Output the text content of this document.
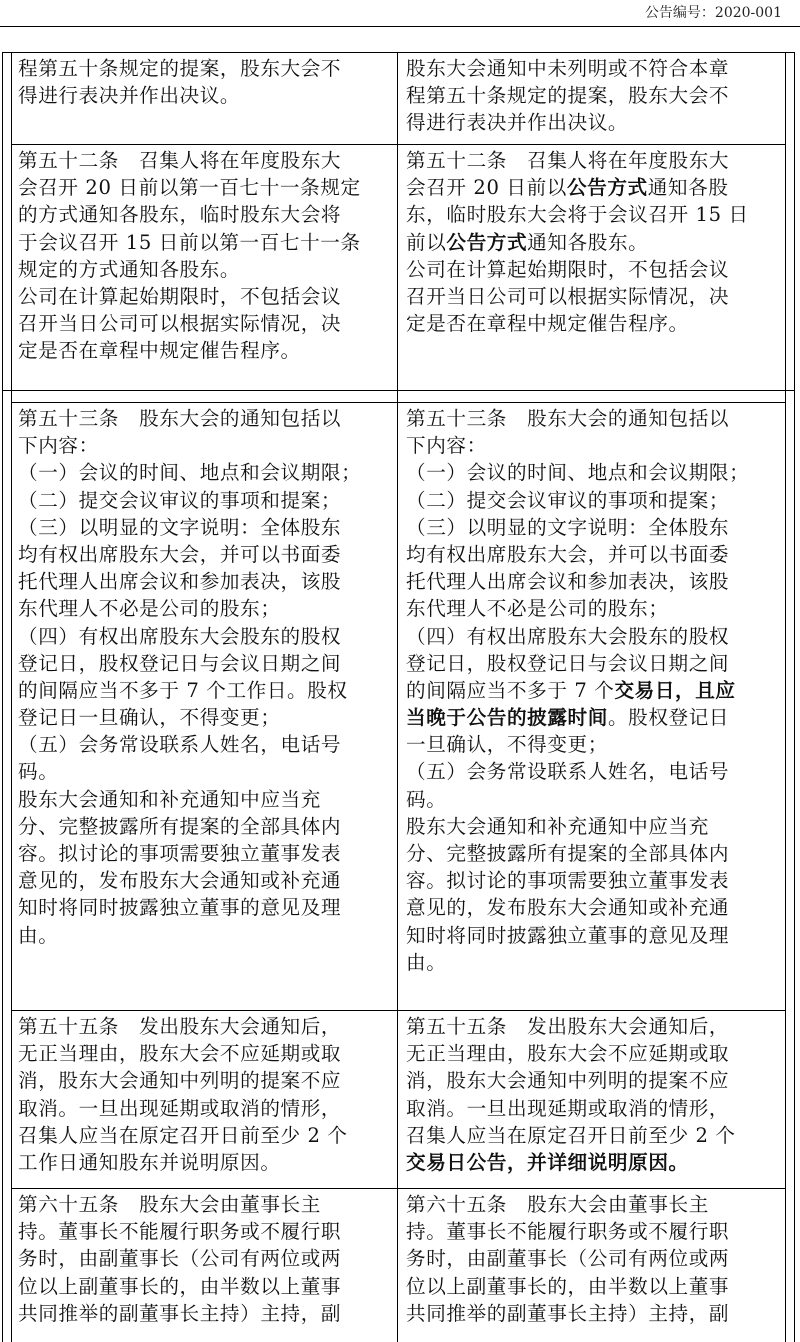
公告编号：2020-001
程第五十条规定的提案，股东大会不
得进行表决并作出决议。
股东大会通知中未列明或不符合本章
程第五十条规定的提案，股东大会不
得进行表决并作出决议。
第五十二条　召集人将在年度股东大
会召开 20 日前以第一百七十一条规定
的方式通知各股东，临时股东大会将
于会议召开 15 日前以第一百七十一条
规定的方式通知各股东。
公司在计算起始期限时，不包括会议
召开当日公司可以根据实际情况，决
定是否在章程中规定催告程序。
第五十二条　召集人将在年度股东大
会召开 20 日前以公告方式通知各股
东，临时股东大会将于会议召开 15 日
前以公告方式通知各股东。
公司在计算起始期限时，不包括会议
召开当日公司可以根据实际情况，决
定是否在章程中规定催告程序。
第五十三条　股东大会的通知包括以
下内容：
（一）会议的时间、地点和会议期限；
（二）提交会议审议的事项和提案；
（三）以明显的文字说明：全体股东
均有权出席股东大会，并可以书面委
托代理人出席会议和参加表决，该股
东代理人不必是公司的股东；
（四）有权出席股东大会股东的股权
登记日，股权登记日与会议日期之间
的间隔应当不多于 7 个工作日。股权
登记日一旦确认，不得变更；
（五）会务常设联系人姓名，电话号
码。
股东大会通知和补充通知中应当充
分、完整披露所有提案的全部具体内
容。拟讨论的事项需要独立董事发表
意见的，发布股东大会通知或补充通
知时将同时披露独立董事的意见及理
由。
第五十三条　股东大会的通知包括以
下内容：
（一）会议的时间、地点和会议期限；
（二）提交会议审议的事项和提案；
（三）以明显的文字说明：全体股东
均有权出席股东大会，并可以书面委
托代理人出席会议和参加表决，该股
东代理人不必是公司的股东；
（四）有权出席股东大会股东的股权
登记日，股权登记日与会议日期之间
的间隔应当不多于 7 个交易日，且应
当晚于公告的披露时间。股权登记日
一旦确认，不得变更；
（五）会务常设联系人姓名，电话号
码。
股东大会通知和补充通知中应当充
分、完整披露所有提案的全部具体内
容。拟讨论的事项需要独立董事发表
意见的，发布股东大会通知或补充通
知时将同时披露独立董事的意见及理
由。
第五十五条　发出股东大会通知后，
无正当理由，股东大会不应延期或取
消，股东大会通知中列明的提案不应
取消。一旦出现延期或取消的情形，
召集人应当在原定召开日前至少 2 个
工作日通知股东并说明原因。
第五十五条　发出股东大会通知后，
无正当理由，股东大会不应延期或取
消，股东大会通知中列明的提案不应
取消。一旦出现延期或取消的情形，
召集人应当在原定召开日前至少 2 个
交易日公告，并详细说明原因。
第六十五条　股东大会由董事长主
持。董事长不能履行职务或不履行职
务时，由副董事长（公司有两位或两
位以上副董事长的，由半数以上董事
共同推举的副董事长主持）主持，副
第六十五条　股东大会由董事长主
持。董事长不能履行职务或不履行职
务时，由副董事长（公司有两位或两
位以上副董事长的，由半数以上董事
共同推举的副董事长主持）主持，副
